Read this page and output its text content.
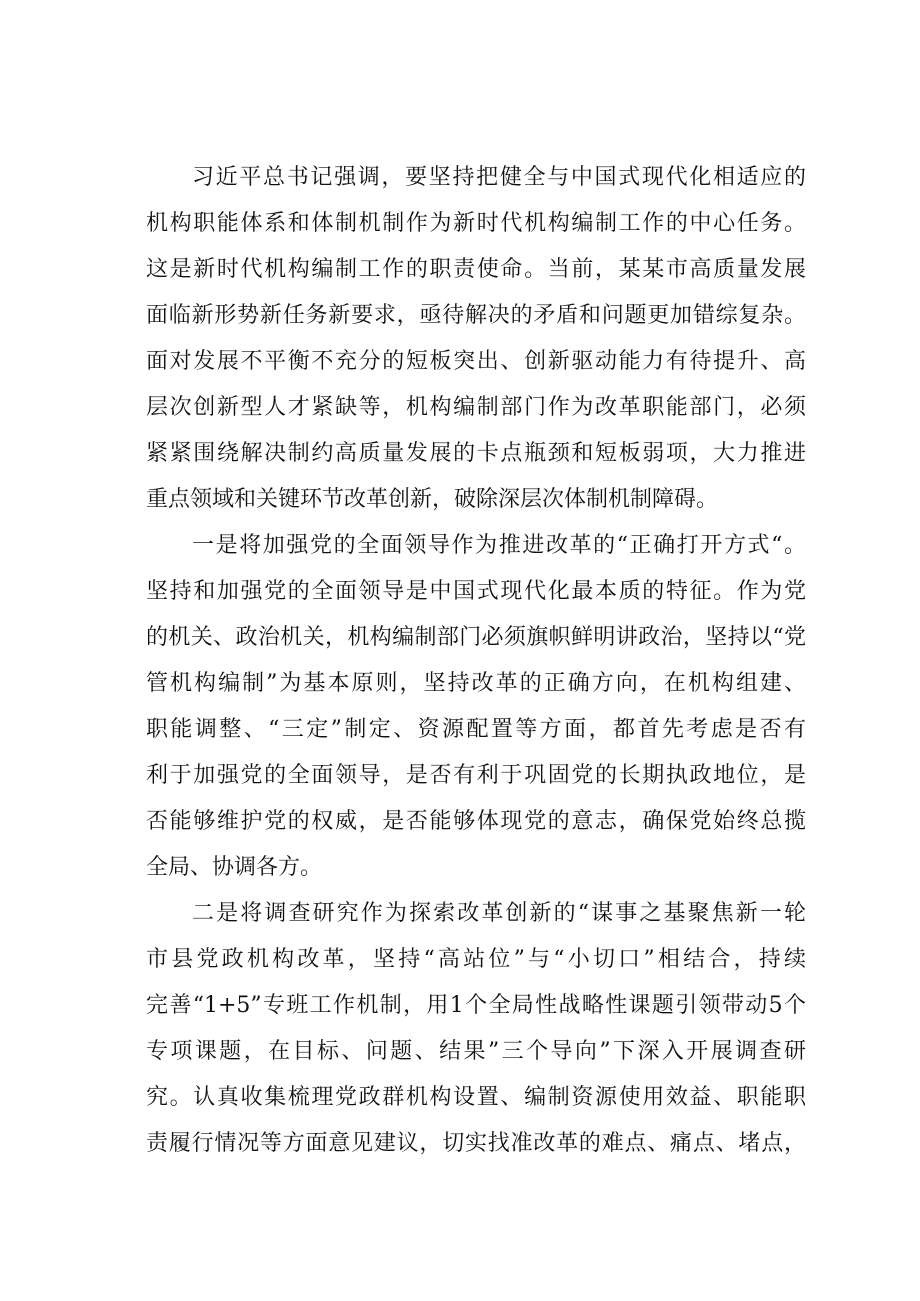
习近平总书记强调，要坚持把健全与中国式现代化相适应的
机构职能体系和体制机制作为新时代机构编制工作的中心任务。
这是新时代机构编制工作的职责使命。当前，某某市高质量发展
面临新形势新任务新要求，亟待解决的矛盾和问题更加错综复杂。
面对发展不平衡不充分的短板突出、创新驱动能力有待提升、高
层次创新型人才紧缺等，机构编制部门作为改革职能部门，必须
紧紧围绕解决制约高质量发展的卡点瓶颈和短板弱项，大力推进
重点领域和关键环节改革创新，破除深层次体制机制障碍。
一是将加强党的全面领导作为推进改革的“正确打开方式“。
坚持和加强党的全面领导是中国式现代化最本质的特征。作为党
的机关、政治机关，机构编制部门必须旗帜鲜明讲政治，坚持以“党
管机构编制”为基本原则，坚持改革的正确方向，在机构组建、
职能调整、“三定”制定、资源配置等方面，都首先考虑是否有
利于加强党的全面领导，是否有利于巩固党的长期执政地位，是
否能够维护党的权威，是否能够体现党的意志，确保党始终总揽
全局、协调各方。
二是将调查研究作为探索改革创新的“谋事之基聚焦新一轮
市县党政机构改革，坚持“高站位”与“小切口”相结合，持续
完善“1+5”专班工作机制，用1个全局性战略性课题引领带动5个
专项课题，在目标、问题、结果”三个导向”下深入开展调查研
究。认真收集梳理党政群机构设置、编制资源使用效益、职能职
责履行情况等方面意见建议，切实找准改革的难点、痛点、堵点，
